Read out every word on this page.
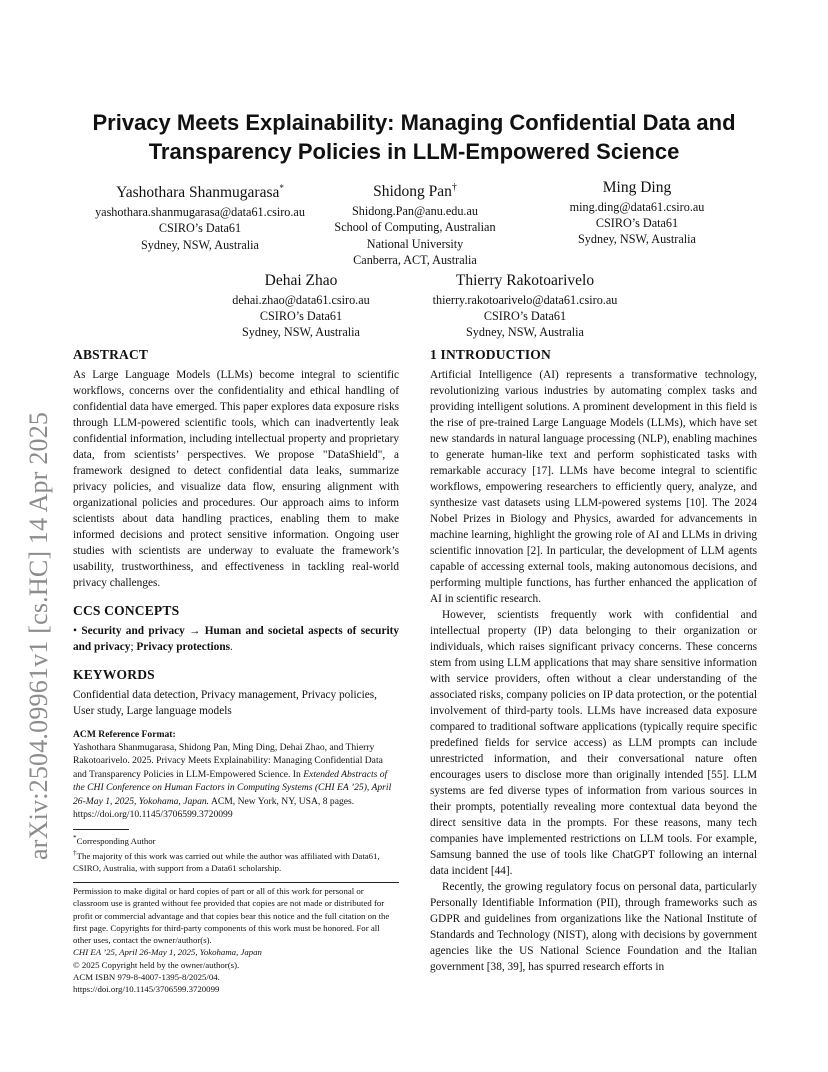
arXiv:2504.09961v1 [cs.HC] 14 Apr 2025
Privacy Meets Explainability: Managing Confidential Data and
Transparency Policies in LLM-Empowered Science
Yashothara Shanmugarasa*
yashothara.shanmugarasa@data61.csiro.au
CSIRO’s Data61
Sydney, NSW, Australia
Shidong Pan†
Shidong.Pan@anu.edu.au
School of Computing, Australian
National University
Canberra, ACT, Australia
Ming Ding
ming.ding@data61.csiro.au
CSIRO’s Data61
Sydney, NSW, Australia
Dehai Zhao
dehai.zhao@data61.csiro.au
CSIRO’s Data61
Sydney, NSW, Australia
Thierry Rakotoarivelo
thierry.rakotoarivelo@data61.csiro.au
CSIRO’s Data61
Sydney, NSW, Australia
ABSTRACT

As Large Language Models (LLMs) become integral to scientific workflows, concerns over the confidentiality and ethical handling of confidential data have emerged. This paper explores data exposure risks through LLM-powered scientific tools, which can inadvertently leak confidential information, including intellectual property and proprietary data, from scientists’ perspectives. We propose "DataShield", a framework designed to detect confidential data leaks, summarize privacy policies, and visualize data flow, ensuring alignment with organizational policies and procedures. Our approach aims to inform scientists about data handling practices, enabling them to make informed decisions and protect sensitive information. Ongoing user studies with scientists are underway to evaluate the framework’s usability, trustworthiness, and effectiveness in tackling real-world privacy challenges.

CCS CONCEPTS

• Security and privacy → Human and societal aspects of security and privacy; Privacy protections.

KEYWORDS

Confidential data detection, Privacy management, Privacy policies, User study, Large language models

ACM Reference Format:

Yashothara Shanmugarasa, Shidong Pan, Ming Ding, Dehai Zhao, and Thierry Rakotoarivelo. 2025. Privacy Meets Explainability: Managing Confidential Data and Transparency Policies in LLM-Empowered Science. In Extended Abstracts of the CHI Conference on Human Factors in Computing Systems (CHI EA ’25), April 26-May 1, 2025, Yokohama, Japan. ACM, New York, NY, USA, 8 pages. https://doi.org/10.1145/3706599.3720099

*Corresponding Author

†The majority of this work was carried out while the author was affiliated with Data61, CSIRO, Australia, with support from a Data61 scholarship.

Permission to make digital or hard copies of part or all of this work for personal or classroom use is granted without fee provided that copies are not made or distributed for profit or commercial advantage and that copies bear this notice and the full citation on the first page. Copyrights for third-party components of this work must be honored. For all other uses, contact the owner/author(s).

CHI EA ’25, April 26-May 1, 2025, Yokohama, Japan

© 2025 Copyright held by the owner/author(s).

ACM ISBN 979-8-4007-1395-8/2025/04.

https://doi.org/10.1145/3706599.3720099

1 INTRODUCTION

Artificial Intelligence (AI) represents a transformative technology, revolutionizing various industries by automating complex tasks and providing intelligent solutions. A prominent development in this field is the rise of pre-trained Large Language Models (LLMs), which have set new standards in natural language processing (NLP), enabling machines to generate human-like text and perform sophisticated tasks with remarkable accuracy [17]. LLMs have become integral to scientific workflows, empowering researchers to efficiently query, analyze, and synthesize vast datasets using LLM-powered systems [10]. The 2024 Nobel Prizes in Biology and Physics, awarded for advancements in machine learning, highlight the growing role of AI and LLMs in driving scientific innovation [2]. In particular, the development of LLM agents capable of accessing external tools, making autonomous decisions, and performing multiple functions, has further enhanced the application of AI in scientific research.

However, scientists frequently work with confidential and intellectual property (IP) data belonging to their organization or individuals, which raises significant privacy concerns. These concerns stem from using LLM applications that may share sensitive information with service providers, often without a clear understanding of the associated risks, company policies on IP data protection, or the potential involvement of third-party tools. LLMs have increased data exposure compared to traditional software applications (typically require specific predefined fields for service access) as LLM prompts can include unrestricted information, and their conversational nature often encourages users to disclose more than originally intended [55]. LLM systems are fed diverse types of information from various sources in their prompts, potentially revealing more contextual data beyond the direct sensitive data in the prompts. For these reasons, many tech companies have implemented restrictions on LLM tools. For example, Samsung banned the use of tools like ChatGPT following an internal data incident [44].

Recently, the growing regulatory focus on personal data, particularly Personally Identifiable Information (PII), through frameworks such as GDPR and guidelines from organizations like the National Institute of Standards and Technology (NIST), along with decisions by government agencies like the US National Science Foundation and the Italian government [38, 39], has spurred research efforts in
